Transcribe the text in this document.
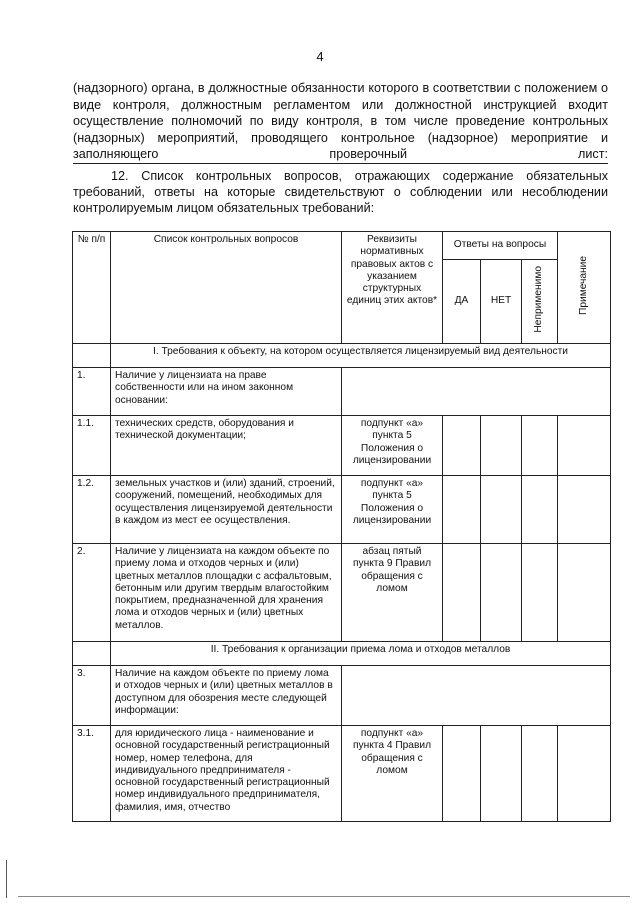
4
(надзорного) органа, в должностные обязанности которого в соответствии с положением о виде контроля, должностным регламентом или должностной инструкцией входит осуществление полномочий по виду контроля, в том числе проведение контрольных (надзорных) мероприятий, проводящего контрольное (надзорное) мероприятие и заполняющего проверочный лист:
12. Список контрольных вопросов, отражающих содержание обязательных требований, ответы на которые свидетельствуют о соблюдении или несоблюдении контролируемым лицом обязательных требований:
№ п/п	Список контрольных вопросов	Реквизиты нормативных правовых актов с указанием структурных единиц этих актов*	Ответы на вопросы			Примечание
			ДА	НЕТ	Неприменимо	
	I. Требования к объекту, на котором осуществляется лицензируемый вид деятельности					
1.	Наличие у лицензиата на праве собственности или на ином законном основании:					
1.1.	технических средств, оборудования и технической документации;	подпункт «а» пункта 5 Положения о лицензировании				
1.2.	земельных участков и (или) зданий, строений, сооружений, помещений, необходимых для осуществления лицензируемой деятельности в каждом из мест ее осуществления.	подпункт «а» пункта 5 Положения о лицензировании				
2.	Наличие у лицензиата на каждом объекте по приему лома и отходов черных и (или) цветных металлов площадки с асфальтовым, бетонным или другим твердым влагостойким покрытием, предназначенной для хранения лома и отходов черных и (или) цветных металлов.	абзац пятый пункта 9 Правил обращения с ломом				
	II. Требования к организации приема лома и отходов металлов					
3.	Наличие на каждом объекте по приему лома и отходов черных и (или) цветных металлов в доступном для обозрения месте следующей информации:					
3.1.	для юридического лица - наименование и основной государственный регистрационный номер, номер телефона, для индивидуального предпринимателя - основной государственный регистрационный номер индивидуального предпринимателя, фамилия, имя, отчество	подпункт «а» пункта 4 Правил обращения с ломом				
